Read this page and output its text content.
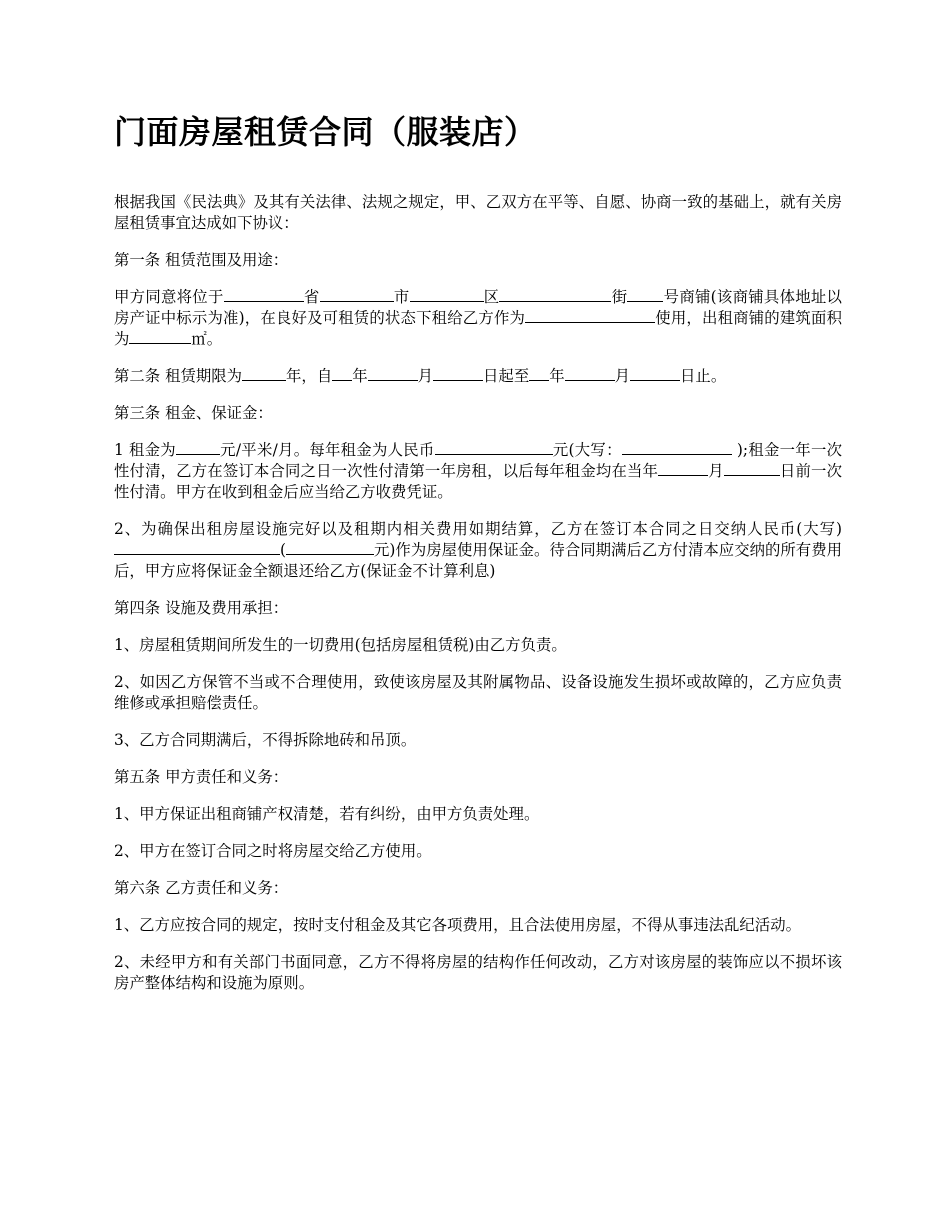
门面房屋租赁合同（服装店）

根据我国《民法典》及其有关法律、法规之规定，甲、乙双方在平等、自愿、协商一致的基础上，就有关房屋租赁事宜达成如下协议：

第一条 租赁范围及用途：

甲方同意将位于	省	市	区	街 号商铺(该商铺具体地址以房产证中标示为准)，在良好及可租赁的状态下租给乙方作为	使用，出租商铺的建筑面积为	㎡。

第二条 租赁期限为	年，自 年	月	日起至 年	月	日止。

第三条 租金、保证金：

1 租金为	元/平米/月。每年租金为人民币	元(大写：	);租金一年一次性付清，乙方在签订本合同之日一次性付清第一年房租，以后每年租金均在当年	月	日前一次性付清。甲方在收到租金后应当给乙方收费凭证。

2、为确保出租房屋设施完好以及租期内相关费用如期结算，乙方在签订本合同之日交纳人民币(大写)(	元)作为房屋使用保证金。待合同期满后乙方付清本应交纳的所有费用后，甲方应将保证金全额退还给乙方(保证金不计算利息)

第四条 设施及费用承担：

1、房屋租赁期间所发生的一切费用(包括房屋租赁税)由乙方负责。

2、如因乙方保管不当或不合理使用，致使该房屋及其附属物品、设备设施发生损坏或故障的，乙方应负责维修或承担赔偿责任。

3、乙方合同期满后，不得拆除地砖和吊顶。

第五条 甲方责任和义务：

1、甲方保证出租商铺产权清楚，若有纠纷，由甲方负责处理。

2、甲方在签订合同之时将房屋交给乙方使用。

第六条 乙方责任和义务：

1、乙方应按合同的规定，按时支付租金及其它各项费用，且合法使用房屋，不得从事违法乱纪活动。

2、未经甲方和有关部门书面同意，乙方不得将房屋的结构作任何改动，乙方对该房屋的装饰应以不损坏该房产整体结构和设施为原则。
